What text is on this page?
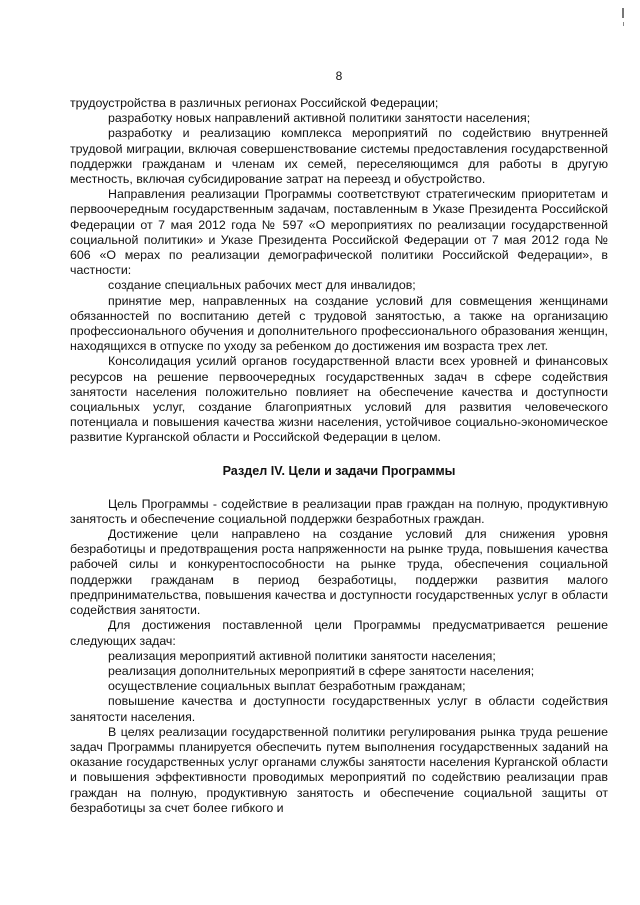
8

трудоустройства в различных регионах Российской Федерации;

разработку новых направлений активной политики занятости населения;

разработку и реализацию комплекса мероприятий по содействию внутренней трудовой миграции, включая совершенствование системы предоставления государственной поддержки гражданам и членам их семей, переселяющимся для работы в другую местность, включая субсидирование затрат на переезд и обустройство.

Направления реализации Программы соответствуют стратегическим приоритетам и первоочередным государственным задачам, поставленным в Указе Президента Российской Федерации от 7 мая 2012 года № 597 «О мероприятиях по реализации государственной социальной политики» и Указе Президента Российской Федерации от 7 мая 2012 года № 606 «О мерах по реализации демографической политики Российской Федерации», в частности:

создание специальных рабочих мест для инвалидов;

принятие мер, направленных на создание условий для совмещения женщинами обязанностей по воспитанию детей с трудовой занятостью, а также на организацию профессионального обучения и дополнительного профессионального образования женщин, находящихся в отпуске по уходу за ребенком до достижения им возраста трех лет.

Консолидация усилий органов государственной власти всех уровней и финансовых ресурсов на решение первоочередных государственных задач в сфере содействия занятости населения положительно повлияет на обеспечение качества и доступности социальных услуг, создание благоприятных условий для развития человеческого потенциала и повышения качества жизни населения, устойчивое социально-экономическое развитие Курганской области и Российской Федерации в целом.

Раздел IV. Цели и задачи Программы

Цель Программы - содействие в реализации прав граждан на полную, продуктивную занятость и обеспечение социальной поддержки безработных граждан.

Достижение цели направлено на создание условий для снижения уровня безработицы и предотвращения роста напряженности на рынке труда, повышения качества рабочей силы и конкурентоспособности на рынке труда, обеспечения социальной поддержки гражданам в период безработицы, поддержки развития малого предпринимательства, повышения качества и доступности государственных услуг в области содействия занятости.

Для достижения поставленной цели Программы предусматривается решение следующих задач:

реализация мероприятий активной политики занятости населения;

реализация дополнительных мероприятий в сфере занятости населения;

осуществление социальных выплат безработным гражданам;

повышение качества и доступности государственных услуг в области содействия занятости населения.

В целях реализации государственной политики регулирования рынка труда решение задач Программы планируется обеспечить путем выполнения государственных заданий на оказание государственных услуг органами службы занятости населения Курганской области и повышения эффективности проводимых мероприятий по содействию реализации прав граждан на полную, продуктивную занятость и обеспечение социальной защиты от безработицы за счет более гибкого и
